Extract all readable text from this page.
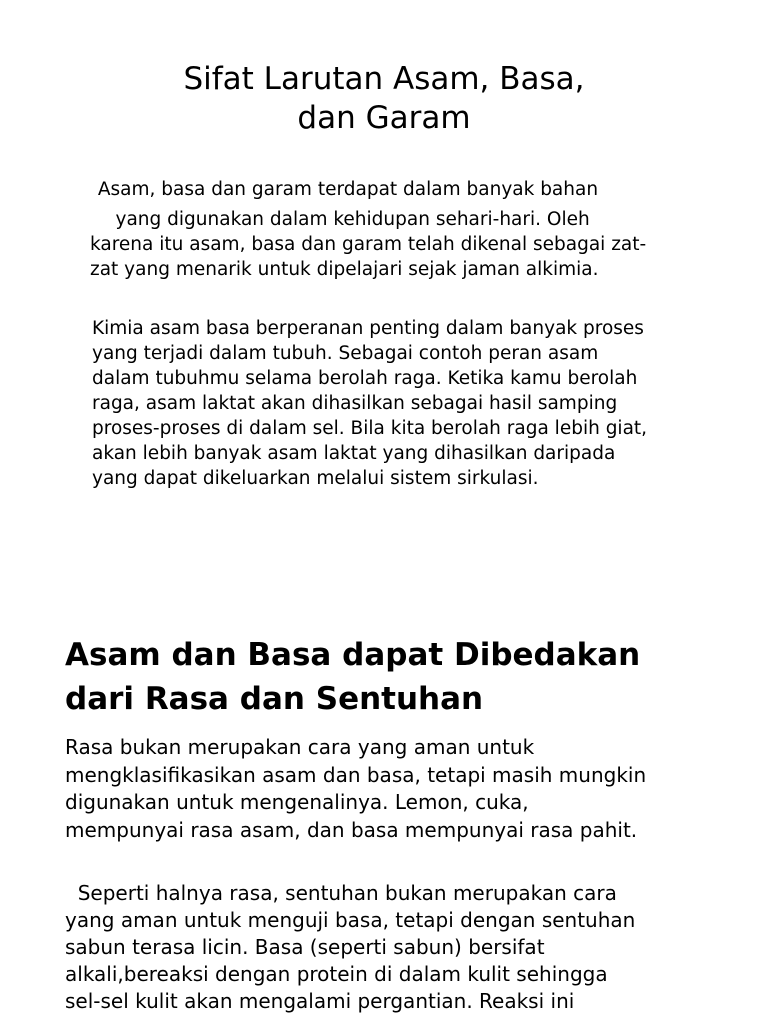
Sifat Larutan Asam, Basa,
dan Garam

Asam, basa dan garam terdapat dalam banyak bahan
yang digunakan dalam kehidupan sehari-hari. Oleh
karena itu asam, basa dan garam telah dikenal sebagai zat-
zat yang menarik untuk dipelajari sejak jaman alkimia.

Kimia asam basa berperanan penting dalam banyak proses
yang terjadi dalam tubuh. Sebagai contoh peran asam
dalam tubuhmu selama berolah raga. Ketika kamu berolah
raga, asam laktat akan dihasilkan sebagai hasil samping
proses-proses di dalam sel. Bila kita berolah raga lebih giat,
akan lebih banyak asam laktat yang dihasilkan daripada
yang dapat dikeluarkan melalui sistem sirkulasi.

Asam dan Basa dapat Dibedakan
dari Rasa dan Sentuhan

Rasa bukan merupakan cara yang aman untuk
mengklasifikasikan asam dan basa, tetapi masih mungkin
digunakan untuk mengenalinya. Lemon, cuka,
mempunyai rasa asam, dan basa mempunyai rasa pahit.

Seperti halnya rasa, sentuhan bukan merupakan cara
yang aman untuk menguji basa, tetapi dengan sentuhan
sabun terasa licin. Basa (seperti sabun) bersifat
alkali,bereaksi dengan protein di dalam kulit sehingga
sel-sel kulit akan mengalami pergantian. Reaksi ini
